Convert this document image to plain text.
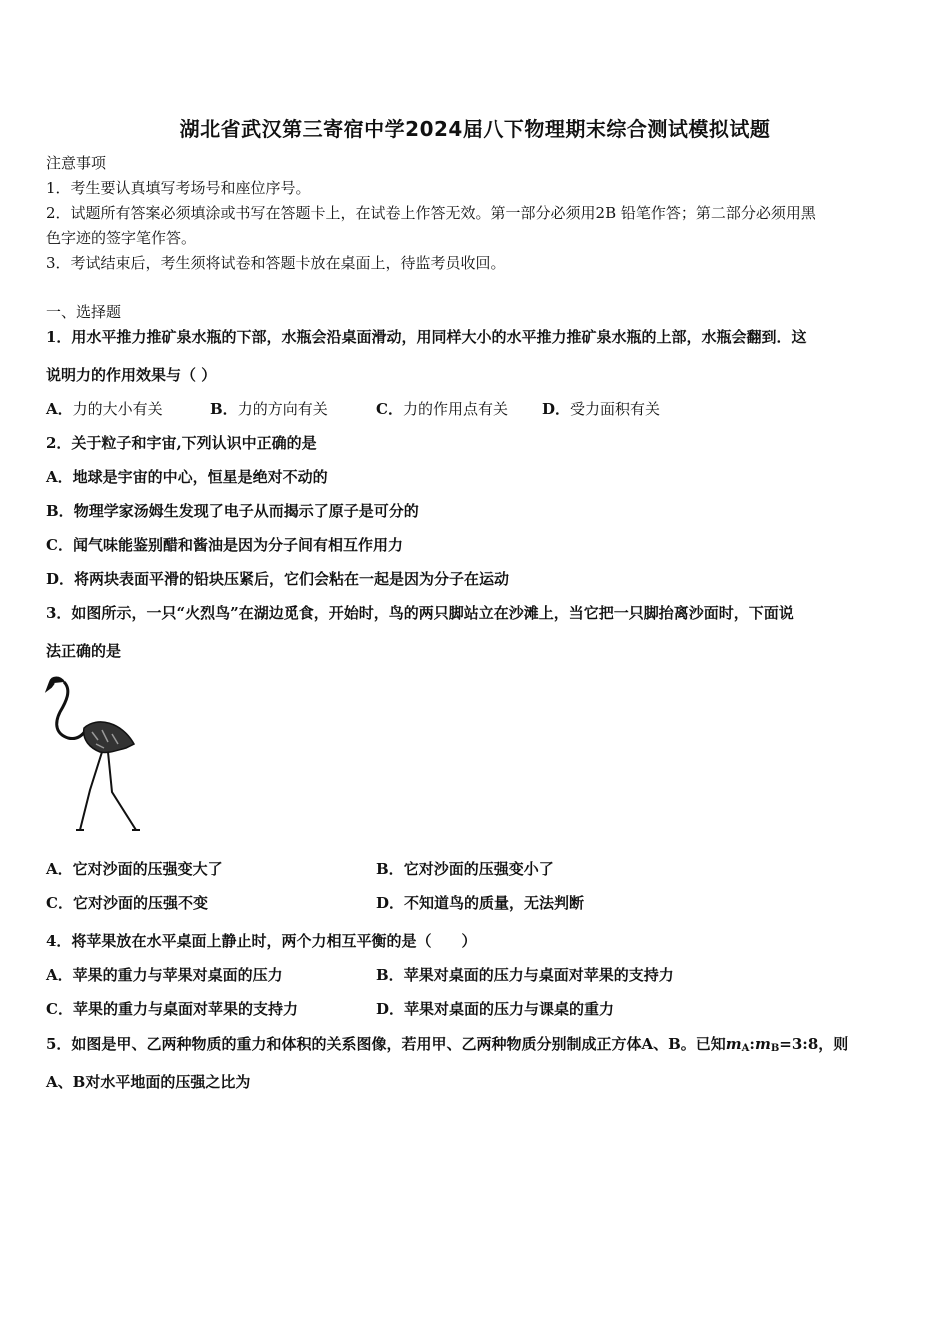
湖北省武汉第三寄宿中学2024届八下物理期末综合测试模拟试题
注意事项
1．考生要认真填写考场号和座位序号。
2．试题所有答案必须填涂或书写在答题卡上，在试卷上作答无效。第一部分必须用2B 铅笔作答；第二部分必须用黑
色字迹的签字笔作答。
3．考试结束后，考生须将试卷和答题卡放在桌面上，待监考员收回。
一、选择题
1．用水平推力推矿泉水瓶的下部，水瓶会沿桌面滑动，用同样大小的水平推力推矿泉水瓶的上部，水瓶会翻到．这
说明力的作用效果与（ ）
A．力的大小有关	B．力的方向有关	C．力的作用点有关 D．受力面积有关
2．关于粒子和宇宙,下列认识中正确的是
A．地球是宇宙的中心，恒星是绝对不动的
B．物理学家汤姆生发现了电子从而揭示了原子是可分的
C．闻气味能鉴别醋和酱油是因为分子间有相互作用力
D．将两块表面平滑的铅块压紧后，它们会粘在一起是因为分子在运动
3．如图所示，一只“火烈鸟”在湖边觅食，开始时，鸟的两只脚站立在沙滩上，当它把一只脚抬离沙面时，下面说
法正确的是
A．它对沙面的压强变大了	B．它对沙面的压强变小了
C．它对沙面的压强不变	D．不知道鸟的质量，无法判断
4．将苹果放在水平桌面上静止时，两个力相互平衡的是（　　）
A．苹果的重力与苹果对桌面的压力	B．苹果对桌面的压力与桌面对苹果的支持力
C．苹果的重力与桌面对苹果的支持力	D．苹果对桌面的压力与课桌的重力
5．如图是甲、乙两种物质的重力和体积的关系图像，若用甲、乙两种物质分别制成正方体A、B。已知$m_A:m_B=3:8$，则
A、B对水平地面的压强之比为
